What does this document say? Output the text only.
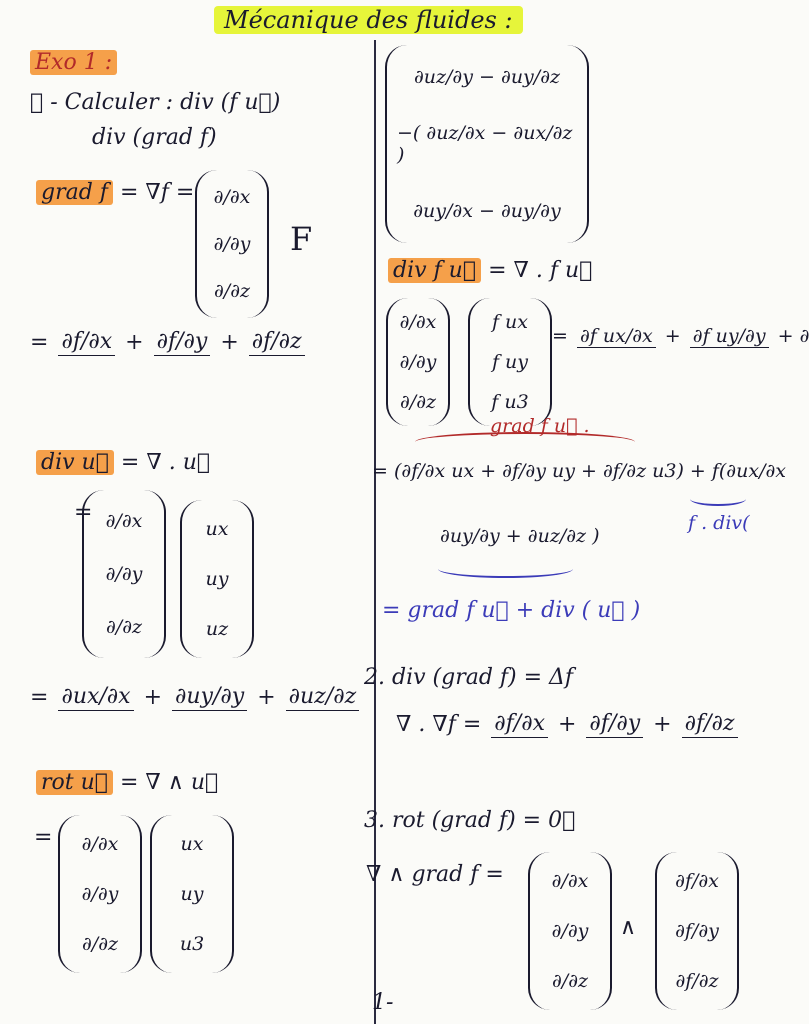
Mécanique des fluides :
Exo 1 :
① - Calculer : div (f u⃗)
div (grad f)
grad f = ∇f = ∂/∂x
∂/∂y
∂/∂z
F
= ∂f/∂x + ∂f/∂y + ∂f/∂z
div u⃗ = ∇ . u⃗
= ∂/∂x
∂/∂y
∂/∂z
ux
uy
uz
= ∂ux/∂x + ∂uy/∂y + ∂uz/∂z
rot u⃗ = ∇ ∧ u⃗
= ∂/∂x
∂/∂y
∂/∂z
ux
uy
u3
∂uz/∂y − ∂uy/∂z
−( ∂uz/∂x − ∂ux/∂z )
∂uy/∂x − ∂uy/∂y
div f u⃗ = ∇ . f u⃗
∂/∂x
∂/∂y
∂/∂z
f ux
f uy
f u3
= ∂f ux/∂x + ∂f uy/∂y + ∂
grad f u⃗ .
= (∂f/∂x ux + ∂f/∂y uy + ∂f/∂z u3) + f(∂ux/∂x
f . div(
∂uy/∂y + ∂uz/∂z )
= grad f u⃗ + div ( u⃗ )
2. div (grad f) = Δf
∇ . ∇f = ∂f/∂x + ∂f/∂y + ∂f/∂z
3. rot (grad f) = 0⃗
∇ ∧ grad f =	∂/∂x
∂/∂y
∂/∂z
∧
∂f/∂x
∂f/∂y
∂f/∂z
1-
